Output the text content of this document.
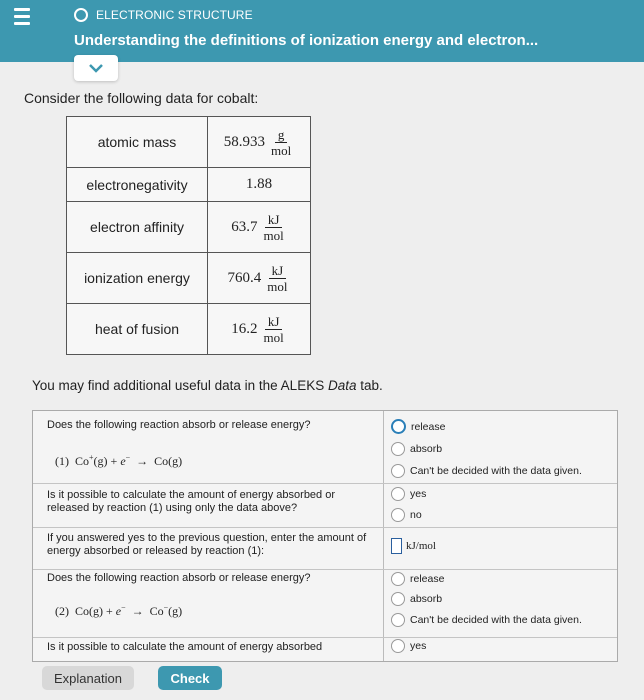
ELECTRONIC STRUCTURE
Understanding the definitions of ionization energy and electron...
Consider the following data for cobalt:
atomic mass	$58.933 \frac{g}{\text{mol}}$

electronegativity	1.88

electron affinity	$63.7 \frac{kJ}{\text{mol}}$

ionization energy	$760.4 \frac{kJ}{\text{mol}}$

heat of fusion	$16.2 \frac{kJ}{\text{mol}}$
You may find additional useful data in the ALEKS Data tab.
Does the following reaction absorb or release energy?
(1) Co+(g) + e− → Co(g)
release
absorb
Can't be decided with the data given.
Is it possible to calculate the amount of energy absorbed or released by reaction (1) using only the data above?
yes
no
If you answered yes to the previous question, enter the amount of energy absorbed or released by reaction (1):	kJ/mol
Does the following reaction absorb or release energy?
(2) Co(g) + e− → Co−(g)
release
absorb
Can't be decided with the data given.
Is it possible to calculate the amount of energy absorbed	yes
Explanation	Check
